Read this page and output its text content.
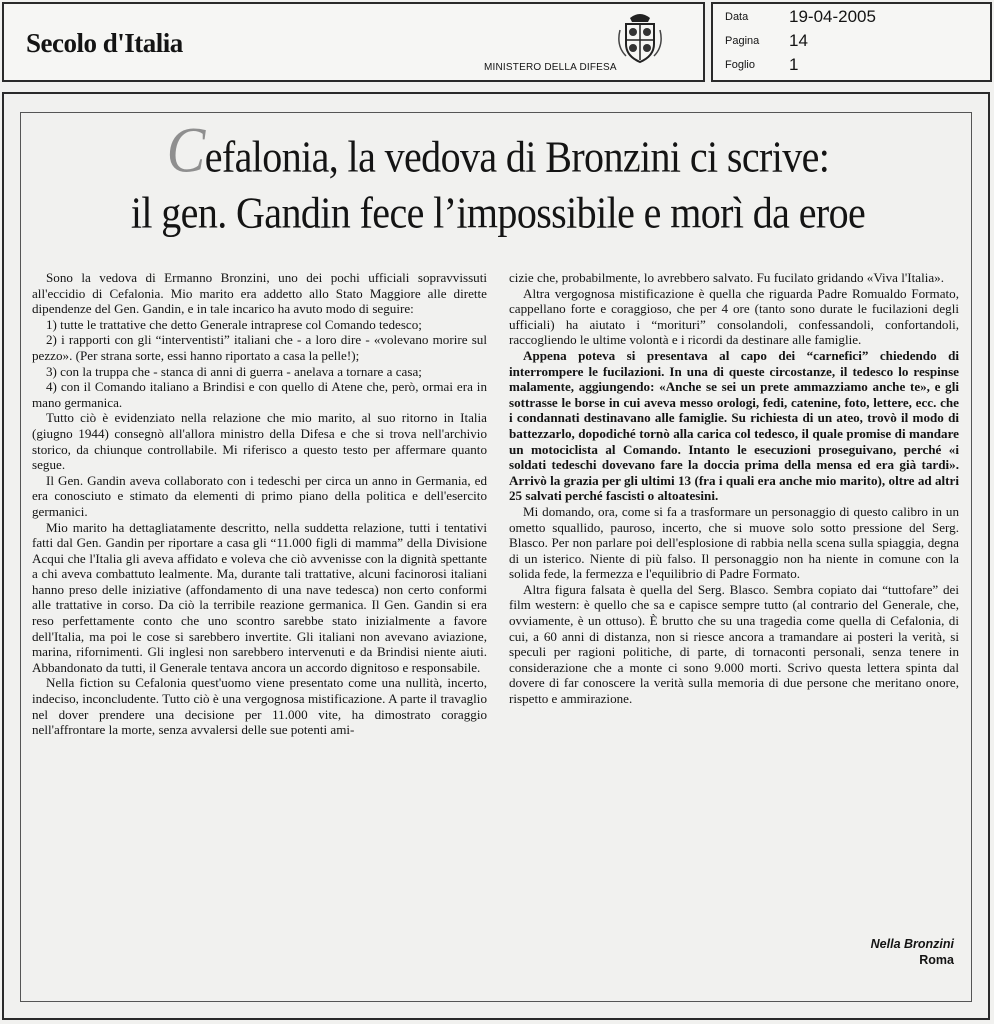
Secolo d'Italia
MINISTERO DELLA DIFESA
Data	19-04-2005
Pagina	14
Foglio	1
Cefalonia, la vedova di Bronzini ci scrive:
il gen. Gandin fece l’impossibile e morì da eroe

Sono la vedova di Ermanno Bronzini, uno dei pochi ufficiali sopravvissuti all'eccidio di Cefalonia. Mio marito era addetto allo Stato Maggiore alle dirette dipendenze del Gen. Gandin, e in tale incarico ha avuto modo di seguire:

1) tutte le trattative che detto Generale intraprese col Comando tedesco;

2) i rapporti con gli “interventisti” italiani che - a loro dire - «volevano morire sul pezzo». (Per strana sorte, essi hanno riportato a casa la pelle!);

3) con la truppa che - stanca di anni di guerra - anelava a tornare a casa;

4) con il Comando italiano a Brindisi e con quello di Atene che, però, ormai era in mano germanica.

Tutto ciò è evidenziato nella relazione che mio marito, al suo ritorno in Italia (giugno 1944) consegnò all'allora ministro della Difesa e che si trova nell'archivio storico, da chiunque controllabile. Mi riferisco a questo testo per affermare quanto segue.

Il Gen. Gandin aveva collaborato con i tedeschi per circa un anno in Germania, ed era conosciuto e stimato da elementi di primo piano della politica e dell'esercito germanici.

Mio marito ha dettagliatamente descritto, nella suddetta relazione, tutti i tentativi fatti dal Gen. Gandin per riportare a casa gli “11.000 figli di mamma” della Divisione Acqui che l'Italia gli aveva affidato e voleva che ciò avvenisse con la dignità spettante a chi aveva combattuto lealmente. Ma, durante tali trattative, alcuni facinorosi italiani hanno preso delle iniziative (affondamento di una nave tedesca) non certo conformi alle trattative in corso. Da ciò la terribile reazione germanica. Il Gen. Gandin si era reso perfettamente conto che uno scontro sarebbe stato inizialmente a favore dell'Italia, ma poi le cose si sarebbero invertite. Gli italiani non avevano aviazione, marina, rifornimenti. Gli inglesi non sarebbero intervenuti e da Brindisi niente aiuti. Abbandonato da tutti, il Generale tentava ancora un accordo dignitoso e responsabile.

Nella fiction su Cefalonia quest'uomo viene presentato come una nullità, incerto, indeciso, inconcludente. Tutto ciò è una vergognosa mistificazione. A parte il travaglio nel dover prendere una decisione per 11.000 vite, ha dimostrato coraggio nell'affrontare la morte, senza avvalersi delle sue potenti ami-

cizie che, probabilmente, lo avrebbero salvato. Fu fucilato gridando «Viva l'Italia».

Altra vergognosa mistificazione è quella che riguarda Padre Romualdo Formato, cappellano forte e coraggioso, che per 4 ore (tanto sono durate le fucilazioni degli ufficiali) ha aiutato i “morituri” consolandoli, confessandoli, confortandoli, raccogliendo le ultime volontà e i ricordi da destinare alle famiglie.

Appena poteva si presentava al capo dei “carnefici” chiedendo di interrompere le fucilazioni. In una di queste circostanze, il tedesco lo respinse malamente, aggiungendo: «Anche se sei un prete ammazziamo anche te», e gli sottrasse le borse in cui aveva messo orologi, fedi, catenine, foto, lettere, ecc. che i condannati destinavano alle famiglie. Su richiesta di un ateo, trovò il modo di battezzarlo, dopodiché tornò alla carica col tedesco, il quale promise di mandare un motociclista al Comando. Intanto le esecuzioni proseguivano, perché «i soldati tedeschi dovevano fare la doccia prima della mensa ed era già tardi». Arrivò la grazia per gli ultimi 13 (fra i quali era anche mio marito), oltre ad altri 25 salvati perché fascisti o altoatesini.

Mi domando, ora, come si fa a trasformare un personaggio di questo calibro in un ometto squallido, pauroso, incerto, che si muove solo sotto pressione del Serg. Blasco. Per non parlare poi dell'esplosione di rabbia nella scena sulla spiaggia, degna di un isterico. Niente di più falso. Il personaggio non ha niente in comune con la solida fede, la fermezza e l'equilibrio di Padre Formato.

Altra figura falsata è quella del Serg. Blasco. Sembra copiato dai “tuttofare” dei film western: è quello che sa e capisce sempre tutto (al contrario del Generale, che, ovviamente, è un ottuso). È brutto che su una tragedia come quella di Cefalonia, di cui, a 60 anni di distanza, non si riesce ancora a tramandare ai posteri la verità, si speculi per ragioni politiche, di parte, di tornaconti personali, senza tenere in considerazione che a monte ci sono 9.000 morti. Scrivo questa lettera spinta dal dovere di far conoscere la verità sulla memoria di due persone che meritano onore, rispetto e ammirazione.

Nella Bronzini
Roma
